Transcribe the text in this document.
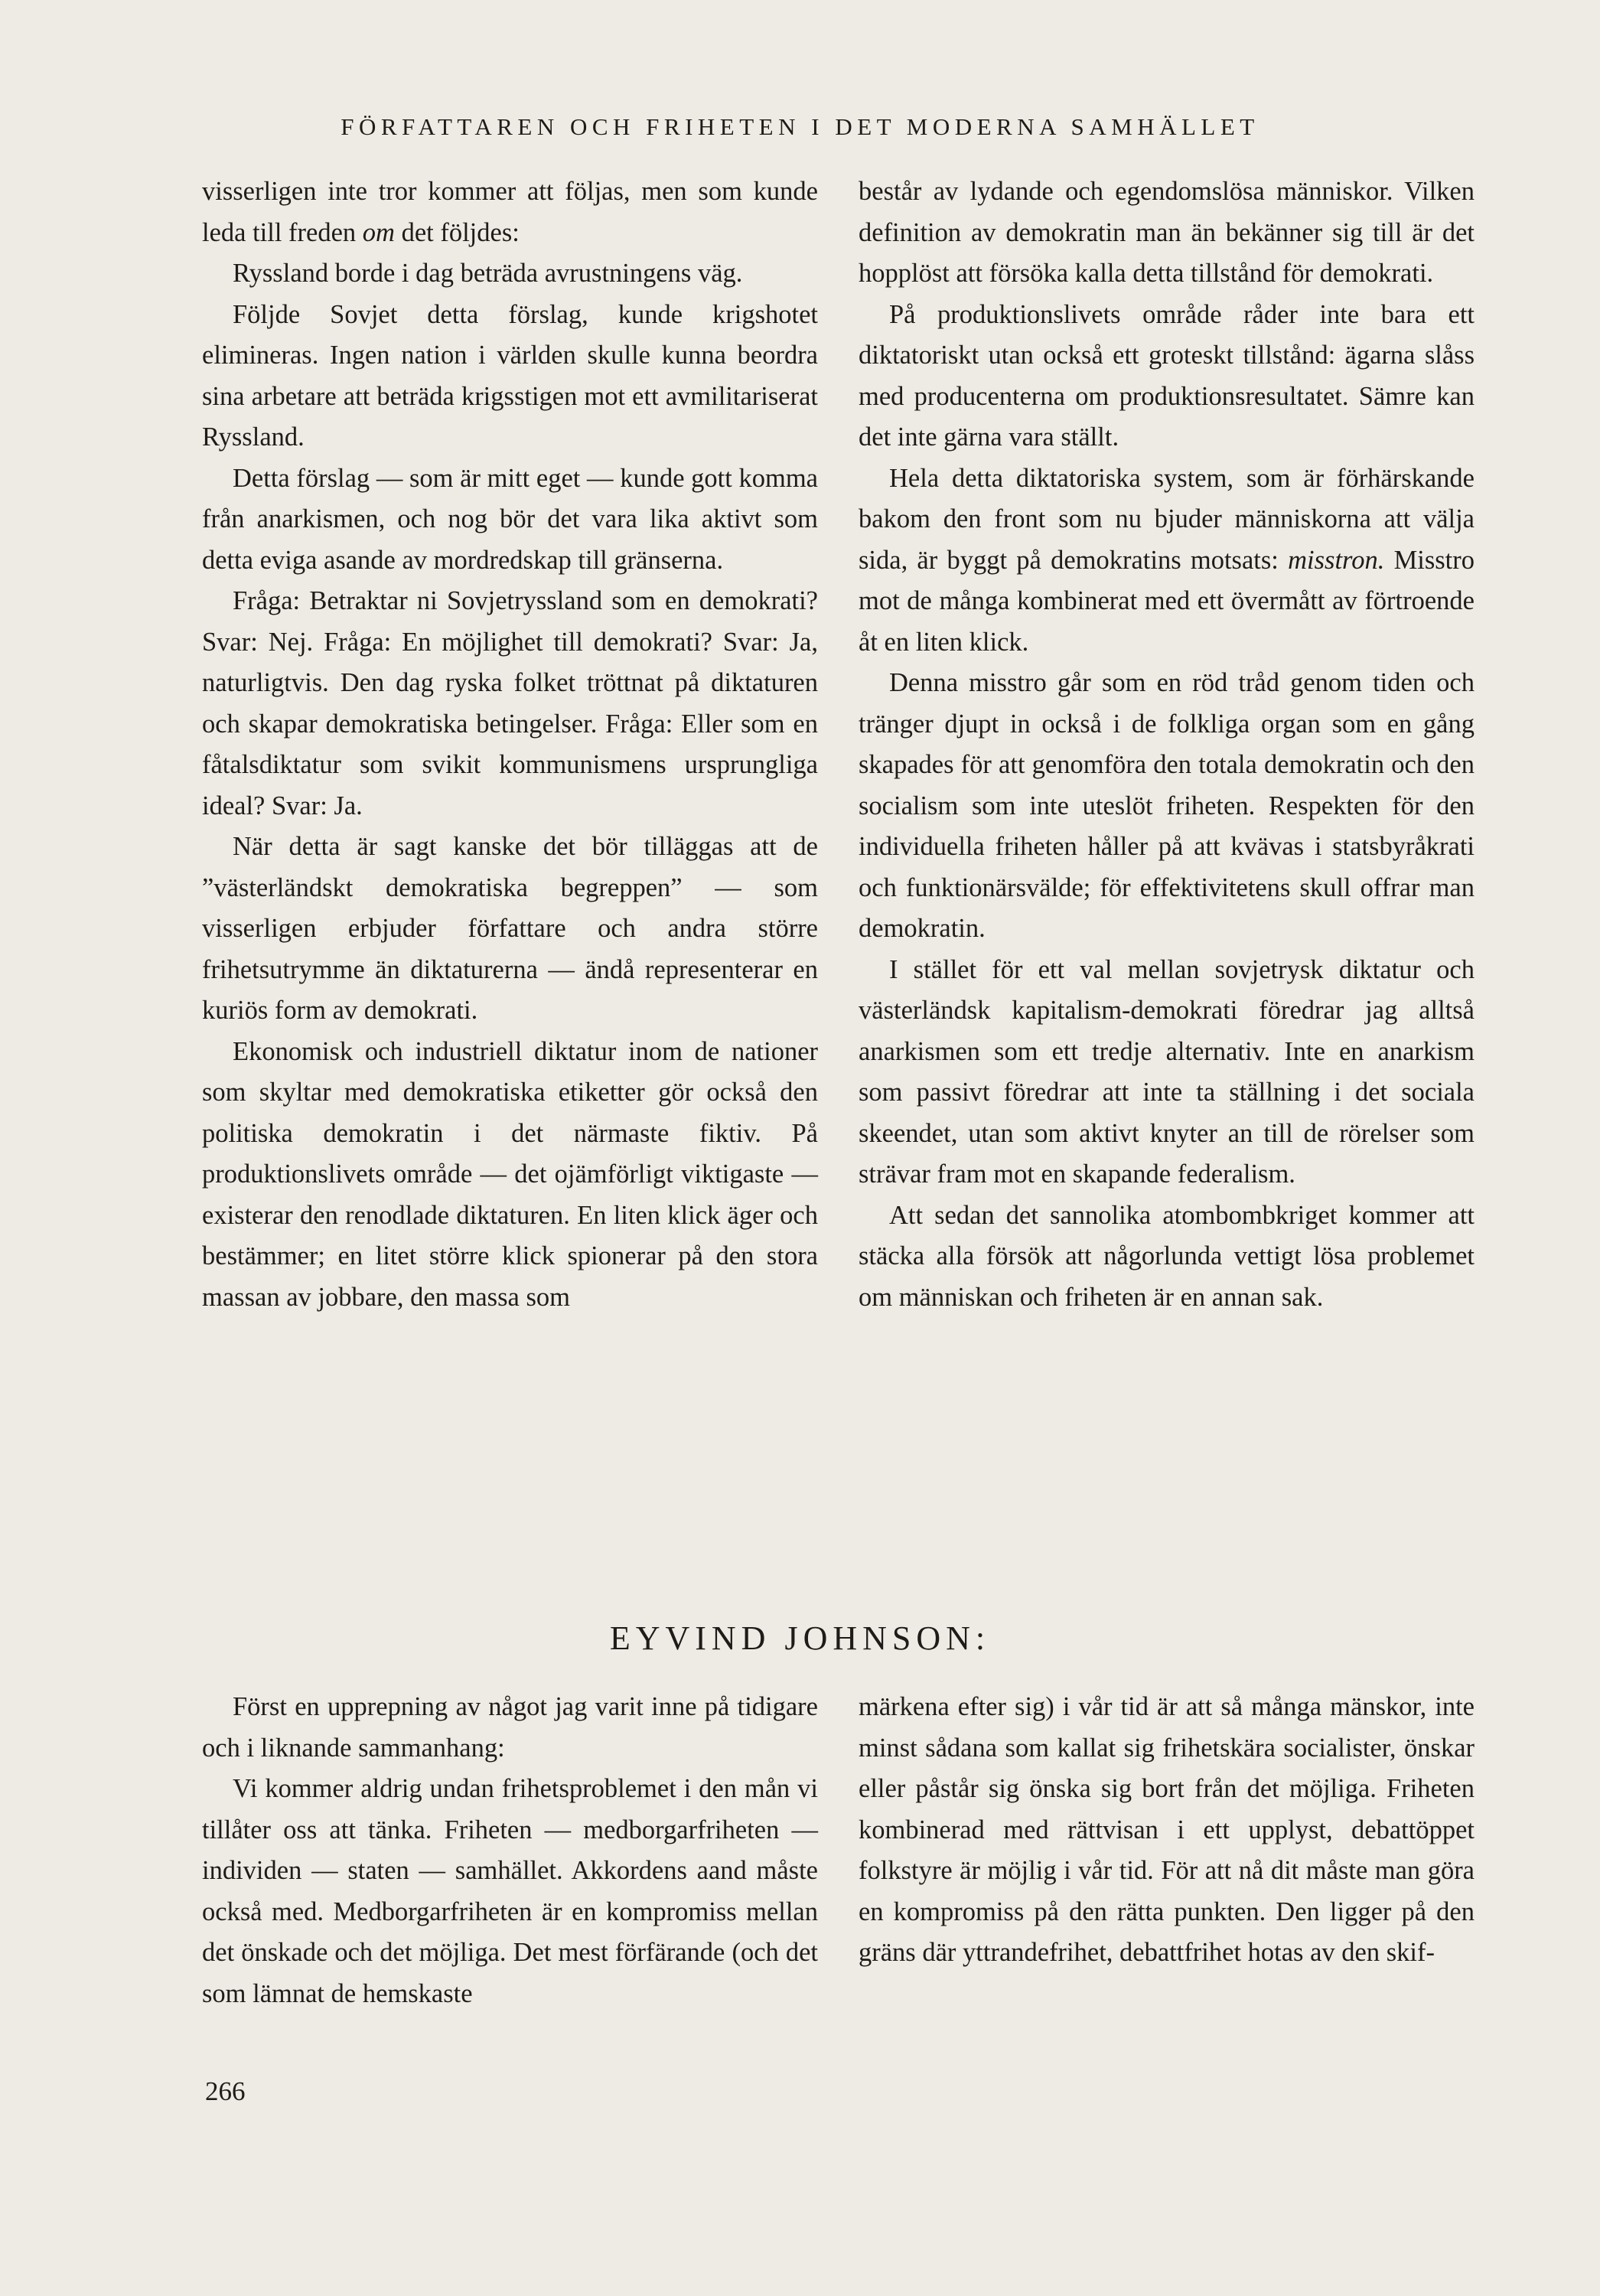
FÖRFATTAREN OCH FRIHETEN I DET MODERNA SAMHÄLLET

visserligen inte tror kommer att följas, men som kunde leda till freden om det följdes:

Ryssland borde i dag beträda avrustningens väg.

Följde Sovjet detta förslag, kunde krigshotet elimineras. Ingen nation i världen skulle kunna beordra sina arbetare att beträda krigsstigen mot ett avmilitariserat Ryssland.

Detta förslag — som är mitt eget — kunde gott komma från anarkismen, och nog bör det vara lika aktivt som detta eviga asande av mordredskap till gränserna.

Fråga: Betraktar ni Sovjetryssland som en demokrati? Svar: Nej. Fråga: En möjlighet till demokrati? Svar: Ja, naturligtvis. Den dag ryska folket tröttnat på diktaturen och skapar demokratiska betingelser. Fråga: Eller som en fåtalsdiktatur som svikit kommunismens ursprungliga ideal? Svar: Ja.

När detta är sagt kanske det bör tilläggas att de ”västerländskt demokratiska begreppen” — som visserligen erbjuder författare och andra större frihetsutrymme än diktaturerna — ändå representerar en kuriös form av demokrati.

Ekonomisk och industriell diktatur inom de nationer som skyltar med demokratiska etiketter gör också den politiska demokratin i det närmaste fiktiv. På produktionslivets område — det ojämförligt viktigaste — existerar den renodlade diktaturen. En liten klick äger och bestämmer; en litet större klick spionerar på den stora massan av jobbare, den massa som

består av lydande och egendomslösa människor. Vilken definition av demokratin man än bekänner sig till är det hopplöst att försöka kalla detta tillstånd för demokrati.

På produktionslivets område råder inte bara ett diktatoriskt utan också ett groteskt tillstånd: ägarna slåss med producenterna om produktionsresultatet. Sämre kan det inte gärna vara ställt.

Hela detta diktatoriska system, som är förhärskande bakom den front som nu bjuder människorna att välja sida, är byggt på demokratins motsats: misstron. Misstro mot de många kombinerat med ett övermått av förtroende åt en liten klick.

Denna misstro går som en röd tråd genom tiden och tränger djupt in också i de folkliga organ som en gång skapades för att genomföra den totala demokratin och den socialism som inte uteslöt friheten. Respekten för den individuella friheten håller på att kvävas i statsbyråkrati och funktionärsvälde; för effektivitetens skull offrar man demokratin.

I stället för ett val mellan sovjetrysk diktatur och västerländsk kapitalism-demokrati föredrar jag alltså anarkismen som ett tredje alternativ. Inte en anarkism som passivt föredrar att inte ta ställning i det sociala skeendet, utan som aktivt knyter an till de rörelser som strävar fram mot en skapande federalism.

Att sedan det sannolika atombombkriget kommer att stäcka alla försök att någorlunda vettigt lösa problemet om människan och friheten är en annan sak.

EYVIND JOHNSON:

Först en upprepning av något jag varit inne på tidigare och i liknande sammanhang:

Vi kommer aldrig undan frihetsproblemet i den mån vi tillåter oss att tänka. Friheten — medborgarfriheten — individen — staten — samhället. Akkordens aand måste också med. Medborgarfriheten är en kompromiss mellan det önskade och det möjliga. Det mest förfärande (och det som lämnat de hemskaste

märkena efter sig) i vår tid är att så många mänskor, inte minst sådana som kallat sig frihetskära socialister, önskar eller påstår sig önska sig bort från det möjliga. Friheten kombinerad med rättvisan i ett upplyst, debattöppet folkstyre är möjlig i vår tid. För att nå dit måste man göra en kompromiss på den rätta punkten. Den ligger på den gräns där yttrandefrihet, debattfrihet hotas av den skif-

266
